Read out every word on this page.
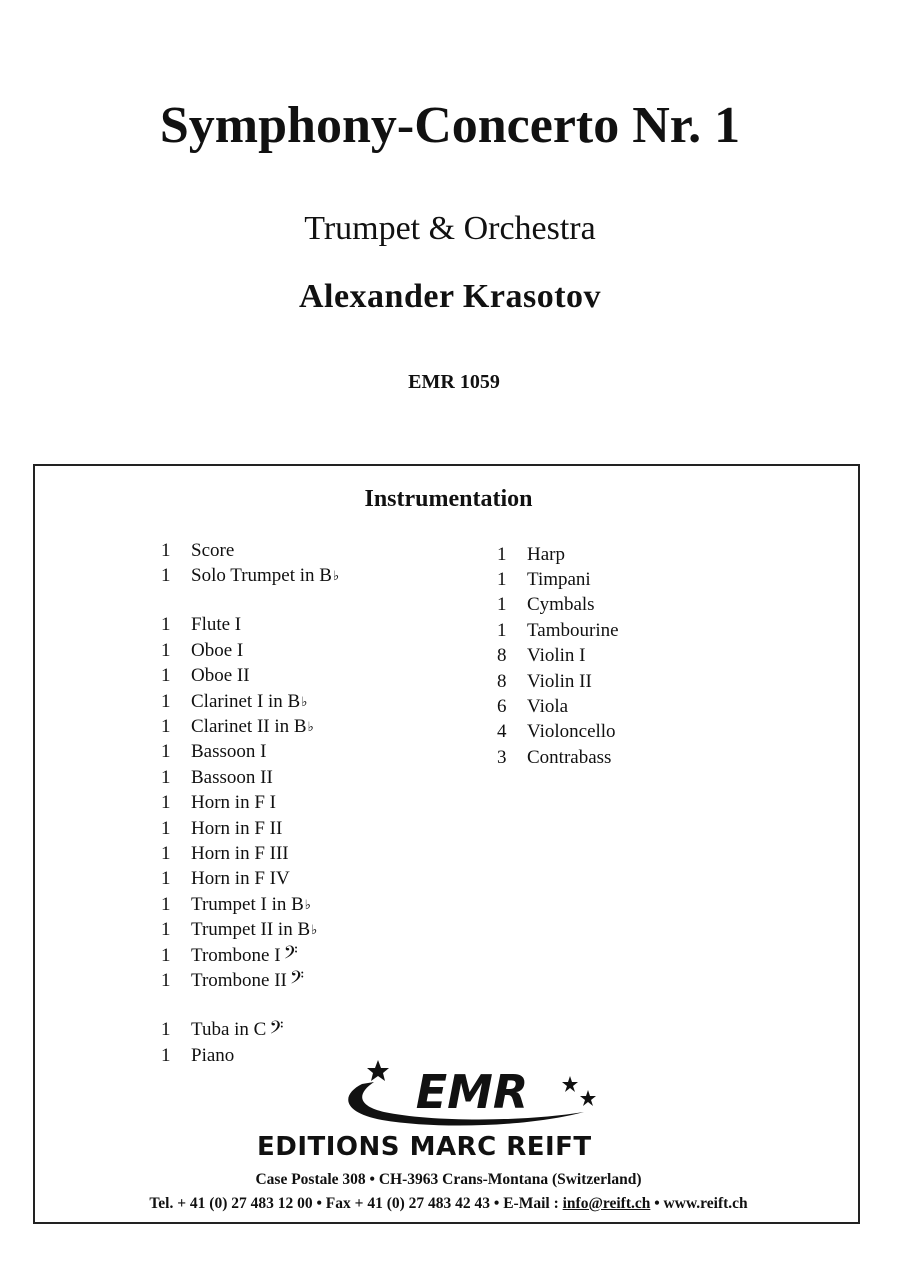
Symphony-Concerto Nr. 1
Trumpet & Orchestra
Alexander Krasotov
EMR 1059
Instrumentation
1	Score
1	Solo Trumpet in B ♭
1	Flute I
1	Oboe I
1	Oboe II
1	Clarinet I in B ♭
1	Clarinet II in B ♭
1	Bassoon I
1	Bassoon II
1	Horn in F I
1	Horn in F II
1	Horn in F III
1	Horn in F IV
1	Trumpet I in B ♭
1	Trumpet II in B ♭
1	Trombone I 𝄢
1	Trombone II 𝄢
1	Tuba in C 𝄢
1	Piano
1	Harp
1	Timpani
1	Cymbals
1	Tambourine
8	Violin I
8	Violin II
6	Viola
4	Violoncello
3	Contrabass
EMR
EDITIONS MARC REIFT
Case Postale 308 • CH-3963 Crans-Montana (Switzerland)
Tel. + 41 (0) 27 483 12 00 • Fax + 41 (0) 27 483 42 43 • E-Mail : info@reift.ch • www.reift.ch
